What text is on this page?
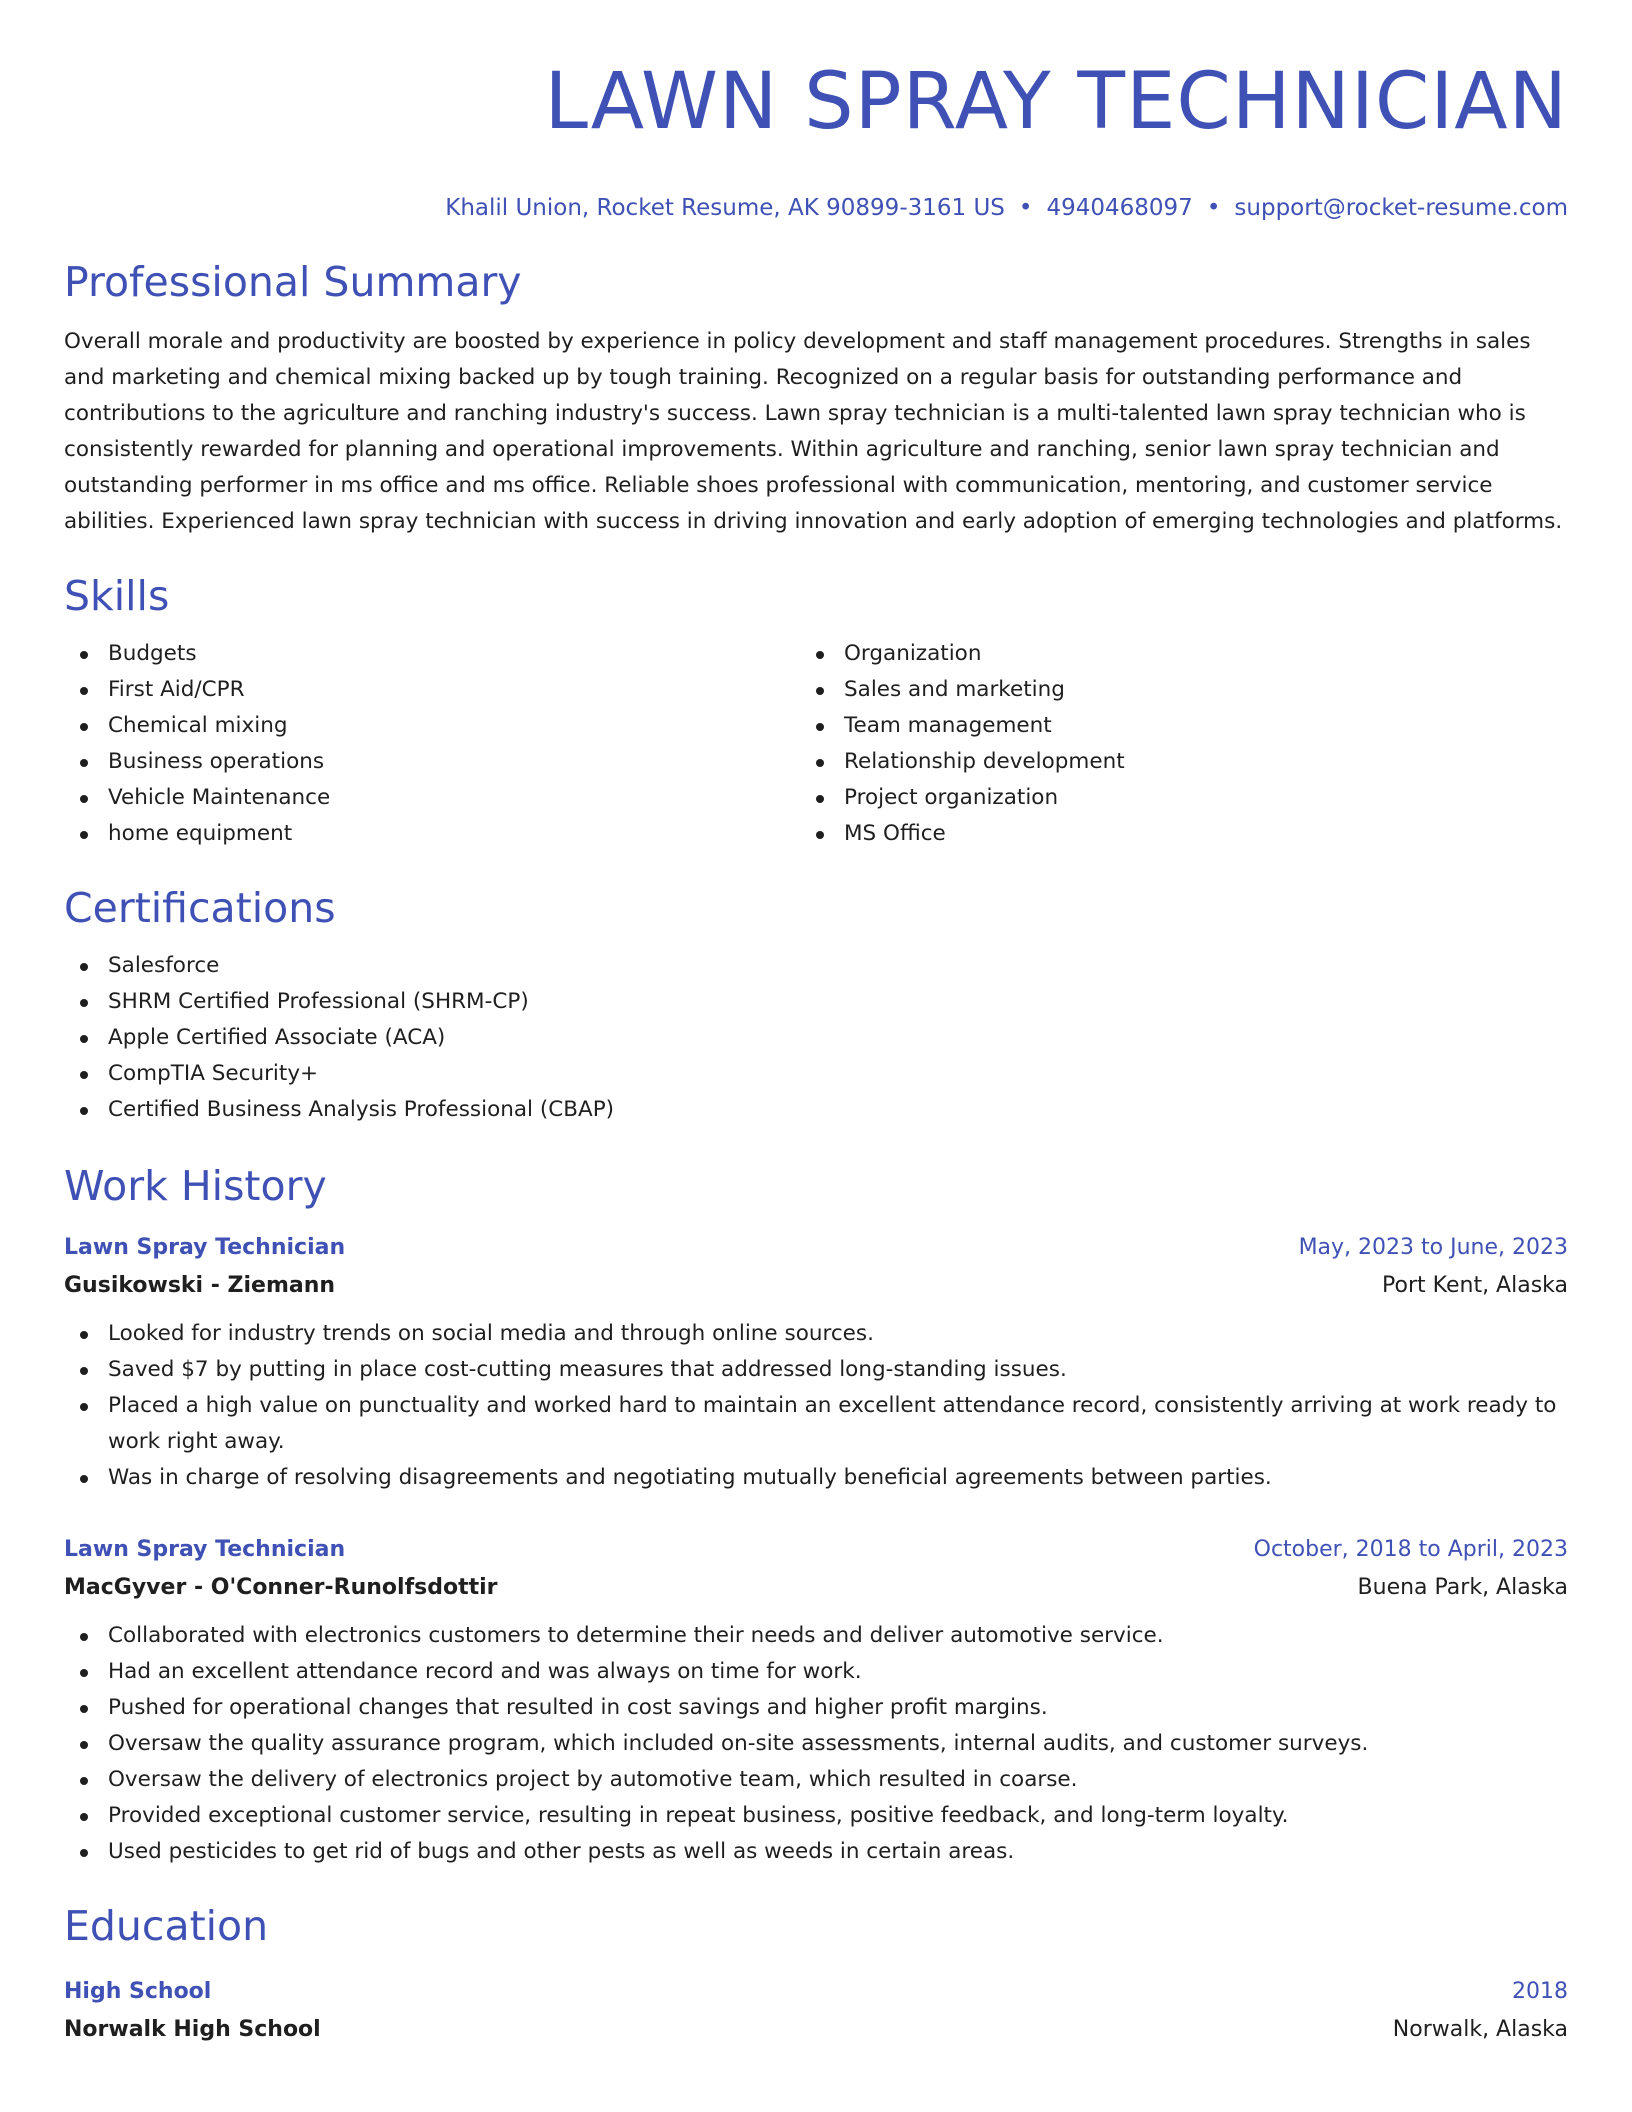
LAWN SPRAY TECHNICIAN
Khalil Union, Rocket Resume, AK 90899-3161 US • 4940468097 • support@rocket-resume.com
Professional Summary

Overall morale and productivity are boosted by experience in policy development and staff management procedures. Strengths in sales and marketing and chemical mixing backed up by tough training. Recognized on a regular basis for outstanding performance and contributions to the agriculture and ranching industry's success. Lawn spray technician is a multi-talented lawn spray technician who is consistently rewarded for planning and operational improvements. Within agriculture and ranching, senior lawn spray technician and outstanding performer in ms office and ms office. Reliable shoes professional with communication, mentoring, and customer service abilities. Experienced lawn spray technician with success in driving innovation and early adoption of emerging technologies and platforms.

Skills
Budgets
First Aid/CPR
Chemical mixing
Business operations
Vehicle Maintenance
home equipment
Organization
Sales and marketing
Team management
Relationship development
Project organization
MS Office
Certifications
Salesforce
SHRM Certified Professional (SHRM-CP)
Apple Certified Associate (ACA)
CompTIA Security+
Certified Business Analysis Professional (CBAP)
Work History
Lawn Spray Technician	May, 2023 to June, 2023
Gusikowski - Ziemann	Port Kent, Alaska
Looked for industry trends on social media and through online sources.
Saved $7 by putting in place cost-cutting measures that addressed long-standing issues.
Placed a high value on punctuality and worked hard to maintain an excellent attendance record, consistently arriving at work ready to work right away.
Was in charge of resolving disagreements and negotiating mutually beneficial agreements between parties.
Lawn Spray Technician	October, 2018 to April, 2023
MacGyver - O'Conner-Runolfsdottir	Buena Park, Alaska
Collaborated with electronics customers to determine their needs and deliver automotive service.
Had an excellent attendance record and was always on time for work.
Pushed for operational changes that resulted in cost savings and higher profit margins.
Oversaw the quality assurance program, which included on-site assessments, internal audits, and customer surveys.
Oversaw the delivery of electronics project by automotive team, which resulted in coarse.
Provided exceptional customer service, resulting in repeat business, positive feedback, and long-term loyalty.
Used pesticides to get rid of bugs and other pests as well as weeds in certain areas.
Education
High School	2018
Norwalk High School	Norwalk, Alaska
